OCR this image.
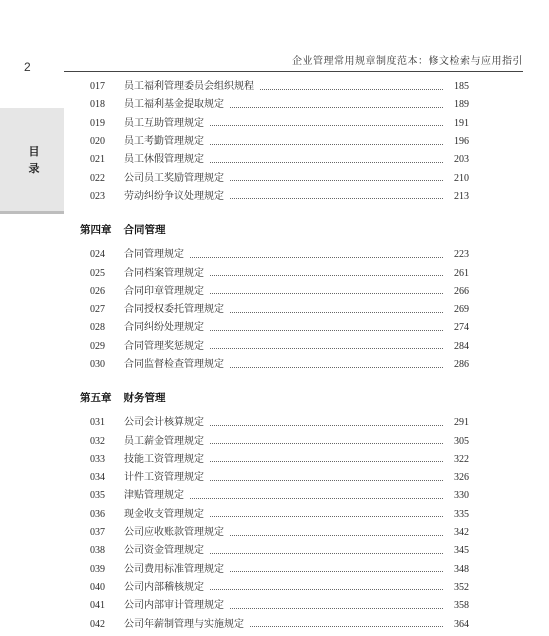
2	企业管理常用规章制度范本：修文检索与应用指引
目
录
017	员工福利管理委员会组织规程	185
018	员工福利基金提取规定	189
019	员工互助管理规定	191
020	员工考勤管理规定	196
021	员工休假管理规定	203
022	公司员工奖励管理规定	210
023	劳动纠纷争议处理规定	213
第四章 合同管理
024	合同管理规定	223
025	合同档案管理规定	261
026	合同印章管理规定	266
027	合同授权委托管理规定	269
028	合同纠纷处理规定	274
029	合同管理奖惩规定	284
030	合同监督检查管理规定	286
第五章 财务管理
031	公司会计核算规定	291
032	员工薪金管理规定	305
033	技能工资管理规定	322
034	计件工资管理规定	326
035	津贴管理规定	330
036	现金收支管理规定	335
037	公司应收账款管理规定	342
038	公司资金管理规定	345
039	公司费用标准管理规定	348
040	公司内部稽核规定	352
041	公司内部审计管理规定	358
042	公司年薪制管理与实施规定	364
